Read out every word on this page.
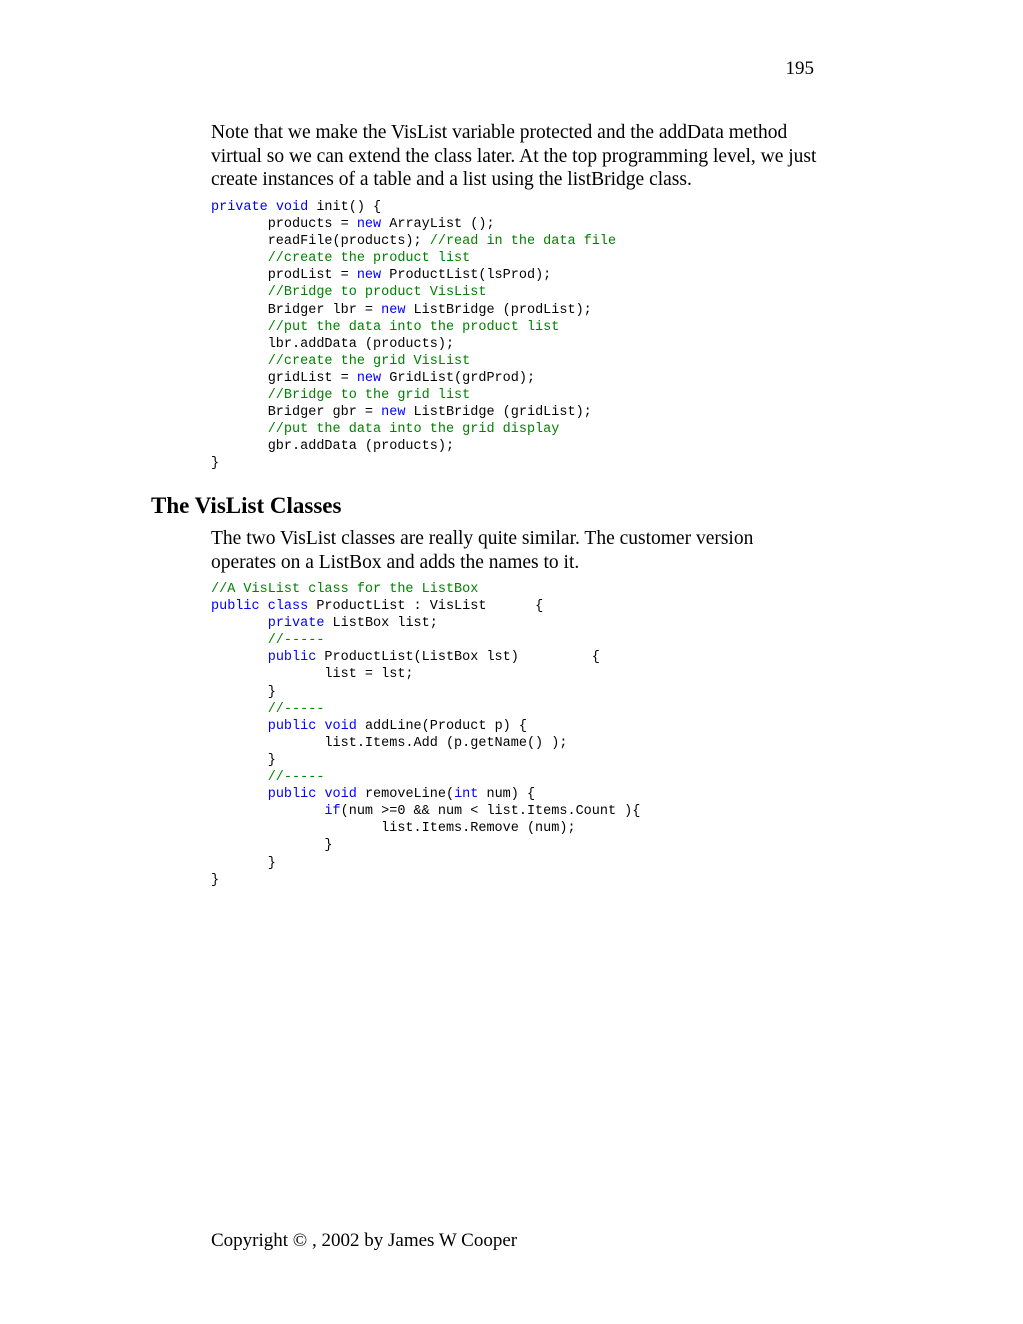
195
Note that we make the VisList variable protected and the addData method virtual so we can extend the class later. At the top programming level, we just create instances of a table and a list using the listBridge class.
private void init() {
products = new ArrayList ();
readFile(products); //read in the data file
//create the product list
prodList = new ProductList(lsProd);
//Bridge to product VisList
Bridger lbr = new ListBridge (prodList);
//put the data into the product list
lbr.addData (products);
//create the grid VisList
gridList = new GridList(grdProd);
//Bridge to the grid list
Bridger gbr = new ListBridge (gridList);
//put the data into the grid display
gbr.addData (products);
}
The VisList Classes
The two VisList classes are really quite similar. The customer version operates on a ListBox and adds the names to it.
//A VisList class for the ListBox
public class ProductList : VisList      {
private ListBox list;
//-----
public ProductList(ListBox lst)         {
list = lst;
}
//-----
public void addLine(Product p) {
list.Items.Add (p.getName() );
}
//-----
public void removeLine(int num) {
if(num >=0 && num < list.Items.Count ){
list.Items.Remove (num);
}
}
}
Copyright © , 2002 by James W Cooper
